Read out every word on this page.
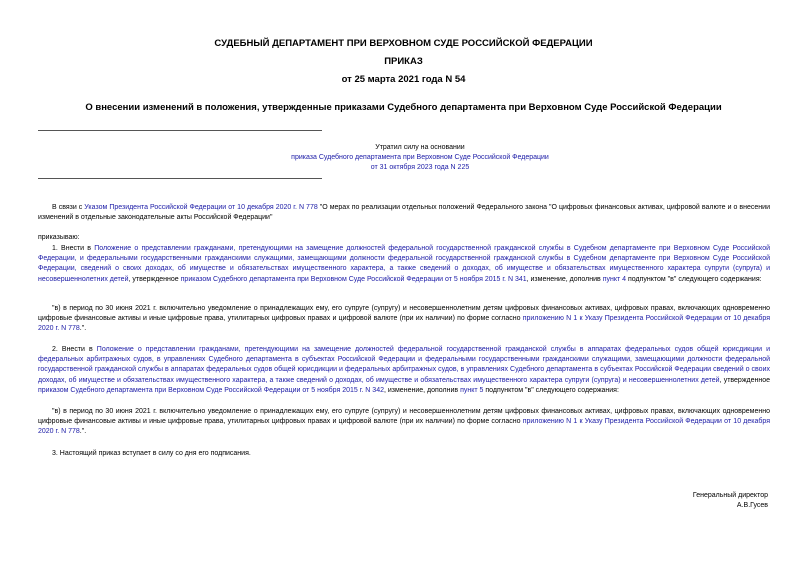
СУДЕБНЫЙ ДЕПАРТАМЕНТ ПРИ ВЕРХОВНОМ СУДЕ РОССИЙСКОЙ ФЕДЕРАЦИИ
ПРИКАЗ
от 25 марта 2021 года N 54
О внесении изменений в положения, утвержденные приказами Судебного департамента при Верховном Суде Российской Федерации
Утратил силу на основании
приказа Судебного департамента при Верховном Суде Российской Федерации
от 31 октября 2023 года N 225
В связи с Указом Президента Российской Федерации от 10 декабря 2020 г. N 778 "О мерах по реализации отдельных положений Федерального закона "О цифровых финансовых активах, цифровой валюте и о внесении изменений в отдельные законодательные акты Российской Федерации"
приказываю:
1. Внести в Положение о представлении гражданами, претендующими на замещение должностей федеральной государственной гражданской службы в Судебном департаменте при Верховном Суде Российской Федерации, и федеральными государственными гражданскими служащими, замещающими должности федеральной государственной гражданской службы в Судебном департаменте при Верховном Суде Российской Федерации, сведений о своих доходах, об имуществе и обязательствах имущественного характера, а также сведений о доходах, об имуществе и обязательствах имущественного характера супруги (супруга) и несовершеннолетних детей, утвержденное приказом Судебного департамента при Верховном Суде Российской Федерации от 5 ноября 2015 г. N 341, изменение, дополнив пункт 4 подпунктом "в" следующего содержания:
"в) в период по 30 июня 2021 г. включительно уведомление о принадлежащих ему, его супруге (супругу) и несовершеннолетним детям цифровых финансовых активах, цифровых правах, включающих одновременно цифровые финансовые активы и иные цифровые права, утилитарных цифровых правах и цифровой валюте (при их наличии) по форме согласно приложению N 1 к Указу Президента Российской Федерации от 10 декабря 2020 г. N 778.".
2. Внести в Положение о представлении гражданами, претендующими на замещение должностей федеральной государственной гражданской службы в аппаратах федеральных судов общей юрисдикции и федеральных арбитражных судов, в управлениях Судебного департамента в субъектах Российской Федерации и федеральными государственными гражданскими служащими, замещающими должности федеральной государственной гражданской службы в аппаратах федеральных судов общей юрисдикции и федеральных арбитражных судов, в управлениях Судебного департамента в субъектах Российской Федерации сведений о своих доходах, об имуществе и обязательствах имущественного характера, а также сведений о доходах, об имуществе и обязательствах имущественного характера супруги (супруга) и несовершеннолетних детей, утвержденное приказом Судебного департамента при Верховном Суде Российской Федерации от 5 ноября 2015 г. N 342, изменение, дополнив пункт 5 подпунктом "в" следующего содержания:
"в) в период по 30 июня 2021 г. включительно уведомление о принадлежащих ему, его супруге (супругу) и несовершеннолетним детям цифровых финансовых активах, цифровых правах, включающих одновременно цифровые финансовые активы и иные цифровые права, утилитарных цифровых правах и цифровой валюте (при их наличии) по форме согласно приложению N 1 к Указу Президента Российской Федерации от 10 декабря 2020 г. N 778.".
3. Настоящий приказ вступает в силу со дня его подписания.
Генеральный директор
А.В.Гусев
